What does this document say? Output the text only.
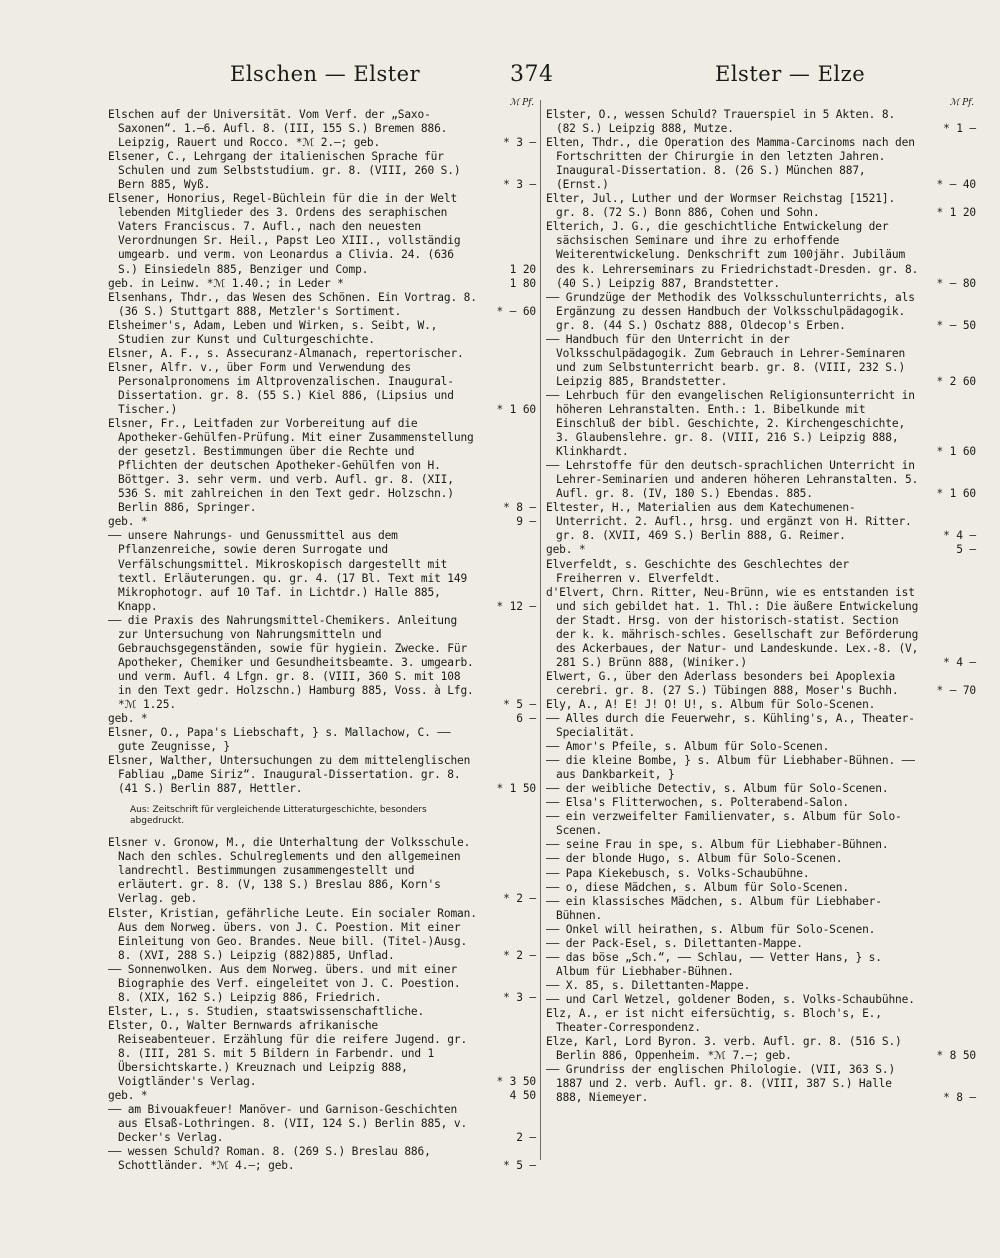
Elschen — Elster	374	Elster — Elze
ℳ Pf.

Elschen auf der Universität. Vom Verf. der „Saxo-Saxonen“. 1.—6. Aufl. 8. (III, 155 S.) Bremen 886. Leipzig, Rauert und Rocco. *ℳ 2.—; geb.	* 3 —

Elsener, C., Lehrgang der italienischen Sprache für Schulen und zum Selbststudium. gr. 8. (VIII, 260 S.) Bern 885, Wyß.	* 3 —

Elsener, Honorius, Regel-Büchlein für die in der Welt lebenden Mitglieder des 3. Ordens des seraphischen Vaters Franciscus. 7. Aufl., nach den neuesten Verordnungen Sr. Heil., Papst Leo XIII., vollständig umgearb. und verm. von Leonardus a Clivia. 24. (636 S.) Einsiedeln 885, Benziger und Comp.	1 20

geb. in Leinw. *ℳ 1.40.; in Leder *	1 80

Elsenhans, Thdr., das Wesen des Schönen. Ein Vortrag. 8. (36 S.) Stuttgart 888, Metzler's Sortiment.	* — 60

Elsheimer's, Adam, Leben und Wirken, s. Seibt, W., Studien zur Kunst und Culturgeschichte.

Elsner, A. F., s. Assecuranz-Almanach, repertorischer.

Elsner, Alfr. v., über Form und Verwendung des Personalpronomens im Altprovenzalischen. Inaugural-Dissertation. gr. 8. (55 S.) Kiel 886, (Lipsius und Tischer.)	* 1 60

Elsner, Fr., Leitfaden zur Vorbereitung auf die Apotheker-Gehülfen-Prüfung. Mit einer Zusammenstellung der gesetzl. Bestimmungen über die Rechte und Pflichten der deutschen Apotheker-Gehülfen von H. Böttger. 3. sehr verm. und verb. Aufl. gr. 8. (XII, 536 S. mit zahlreichen in den Text gedr. Holzschn.) Berlin 886, Springer.	* 8 —

geb. *	9 —

—— unsere Nahrungs- und Genussmittel aus dem Pflanzenreiche, sowie deren Surrogate und Verfälschungsmittel. Mikroskopisch dargestellt mit textl. Erläuterungen. qu. gr. 4. (17 Bl. Text mit 149 Mikrophotogr. auf 10 Taf. in Lichtdr.) Halle 885, Knapp.	* 12 —

—— die Praxis des Nahrungsmittel-Chemikers. Anleitung zur Untersuchung von Nahrungsmitteln und Gebrauchsgegenständen, sowie für hygiein. Zwecke. Für Apotheker, Chemiker und Gesundheitsbeamte. 3. umgearb. und verm. Aufl. 4 Lfgn. gr. 8. (VIII, 360 S. mit 108 in den Text gedr. Holzschn.) Hamburg 885, Voss. à Lfg. *ℳ 1.25.	* 5 —

geb. *	6 —

Elsner, O., Papa's Liebschaft, } s. Mallachow, C. —— gute Zeugnisse, }

Elsner, Walther, Untersuchungen zu dem mittelenglischen Fabliau „Dame Siriz“. Inaugural-Dissertation. gr. 8. (41 S.) Berlin 887, Hettler.	* 1 50

Aus: Zeitschrift für vergleichende Litteraturgeschichte, besonders abgedruckt.

Elsner v. Gronow, M., die Unterhaltung der Volksschule. Nach den schles. Schulreglements und den allgemeinen landrechtl. Bestimmungen zusammengestellt und erläutert. gr. 8. (V, 138 S.) Breslau 886, Korn's Verlag. geb.	* 2 —

Elster, Kristian, gefährliche Leute. Ein socialer Roman. Aus dem Norweg. übers. von J. C. Poestion. Mit einer Einleitung von Geo. Brandes. Neue bill. (Titel-)Ausg. 8. (XVI, 288 S.) Leipzig (882)885, Unflad.	* 2 —

—— Sonnenwolken. Aus dem Norweg. übers. und mit einer Biographie des Verf. eingeleitet von J. C. Poestion. 8. (XIX, 162 S.) Leipzig 886, Friedrich.	* 3 —

Elster, L., s. Studien, staatswissenschaftliche.

Elster, O., Walter Bernwards afrikanische Reiseabenteuer. Erzählung für die reifere Jugend. gr. 8. (III, 281 S. mit 5 Bildern in Farbendr. und 1 Übersichtskarte.) Kreuznach und Leipzig 888, Voigtländer's Verlag.	* 3 50

geb. *	4 50

—— am Bivouakfeuer! Manöver- und Garnison-Geschichten aus Elsaß-Lothringen. 8. (VII, 124 S.) Berlin 885, v. Decker's Verlag.	2 —

—— wessen Schuld? Roman. 8. (269 S.) Breslau 886, Schottländer. *ℳ 4.—; geb.	* 5 —

ℳ Pf.

Elster, O., wessen Schuld? Trauerspiel in 5 Akten. 8. (82 S.) Leipzig 888, Mutze.	* 1 —

Elten, Thdr., die Operation des Mamma-Carcinoms nach den Fortschritten der Chirurgie in den letzten Jahren. Inaugural-Dissertation. 8. (26 S.) München 887, (Ernst.)	* — 40

Elter, Jul., Luther und der Wormser Reichstag [1521]. gr. 8. (72 S.) Bonn 886, Cohen und Sohn.	* 1 20

Elterich, J. G., die geschichtliche Entwickelung der sächsischen Seminare und ihre zu erhoffende Weiterentwickelung. Denkschrift zum 100jähr. Jubiläum des k. Lehrerseminars zu Friedrichstadt-Dresden. gr. 8. (40 S.) Leipzig 887, Brandstetter.	* — 80

—— Grundzüge der Methodik des Volksschulunterrichts, als Ergänzung zu dessen Handbuch der Volksschulpädagogik. gr. 8. (44 S.) Oschatz 888, Oldecop's Erben.	* — 50

—— Handbuch für den Unterricht in der Volksschulpädagogik. Zum Gebrauch in Lehrer-Seminaren und zum Selbstunterricht bearb. gr. 8. (VIII, 232 S.) Leipzig 885, Brandstetter.	* 2 60

—— Lehrbuch für den evangelischen Religionsunterricht in höheren Lehranstalten. Enth.: 1. Bibelkunde mit Einschluß der bibl. Geschichte, 2. Kirchengeschichte, 3. Glaubenslehre. gr. 8. (VIII, 216 S.) Leipzig 888, Klinkhardt.	* 1 60

—— Lehrstoffe für den deutsch-sprachlichen Unterricht in Lehrer-Seminarien und anderen höheren Lehranstalten. 5. Aufl. gr. 8. (IV, 180 S.) Ebendas. 885.	* 1 60

Eltester, H., Materialien aus dem Katechumenen-Unterricht. 2. Aufl., hrsg. und ergänzt von H. Ritter. gr. 8. (XVII, 469 S.) Berlin 888, G. Reimer.	* 4 —

geb. *	5 —

Elverfeldt, s. Geschichte des Geschlechtes der Freiherren v. Elverfeldt.

d'Elvert, Chrn. Ritter, Neu-Brünn, wie es entstanden ist und sich gebildet hat. 1. Thl.: Die äußere Entwickelung der Stadt. Hrsg. von der historisch-statist. Section der k. k. mährisch-schles. Gesellschaft zur Beförderung des Ackerbaues, der Natur- und Landeskunde. Lex.-8. (V, 281 S.) Brünn 888, (Winiker.)	* 4 —

Elwert, G., über den Aderlass besonders bei Apoplexia cerebri. gr. 8. (27 S.) Tübingen 888, Moser's Buchh.	* — 70

Ely, A., A! E! J! O! U!, s. Album für Solo-Scenen.

—— Alles durch die Feuerwehr, s. Kühling's, A., Theater-Specialität.

—— Amor's Pfeile, s. Album für Solo-Scenen.

—— die kleine Bombe, } s. Album für Liebhaber-Bühnen. —— aus Dankbarkeit, }

—— der weibliche Detectiv, s. Album für Solo-Scenen.

—— Elsa's Flitterwochen, s. Polterabend-Salon.

—— ein verzweifelter Familienvater, s. Album für Solo-Scenen.

—— seine Frau in spe, s. Album für Liebhaber-Bühnen.

—— der blonde Hugo, s. Album für Solo-Scenen.

—— Papa Kiekebusch, s. Volks-Schaubühne.

—— o, diese Mädchen, s. Album für Solo-Scenen.

—— ein klassisches Mädchen, s. Album für Liebhaber-Bühnen.

—— Onkel will heirathen, s. Album für Solo-Scenen.

—— der Pack-Esel, s. Dilettanten-Mappe.

—— das böse „Sch.“, —— Schlau, —— Vetter Hans, } s. Album für Liebhaber-Bühnen.

—— X. 85, s. Dilettanten-Mappe.

—— und Carl Wetzel, goldener Boden, s. Volks-Schaubühne.

Elz, A., er ist nicht eifersüchtig, s. Bloch's, E., Theater-Correspondenz.

Elze, Karl, Lord Byron. 3. verb. Aufl. gr. 8. (516 S.) Berlin 886, Oppenheim. *ℳ 7.—; geb.	* 8 50

—— Grundriss der englischen Philologie. (VII, 363 S.) 1887 und 2. verb. Aufl. gr. 8. (VIII, 387 S.) Halle 888, Niemeyer.	* 8 —
